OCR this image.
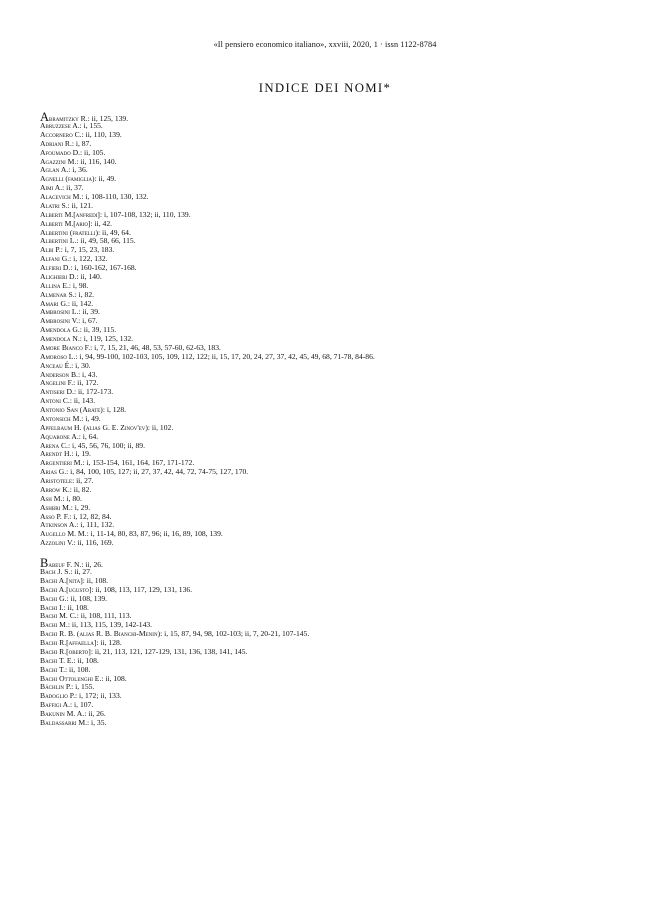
«Il pensiero economico italiano», xxviii, 2020, 1 · issn 1122-8784
INDICE DEI NOMI*
Abramitzky R.: ii, 125, 139.
Abruzzese A.: i, 155.
Accornero C.: ii, 110, 139.
Adriani R.: i, 87.
Afoumado D.: ii, 105.
Agazzini M.: ii, 116, 140.
Aglan A.: i, 36.
Agnelli (famiglia): ii, 49.
Aimi A.: ii, 37.
Alacevich M.: i, 108-110, 130, 132.
Alatri S.: ii, 121.
Alberti M.[anfredi]: i, 107-108, 132; ii, 110, 139.
Alberti M.[ario]: ii, 42.
Albertini (fratelli): ii, 49, 64.
Albertini L.: ii, 49, 58, 66, 115.
Albi P.: i, 7, 15, 23, 183.
Alfani G.: i, 122, 132.
Alfieri D.: i, 160-162, 167-168.
Alighieri D.: ii, 140.
Allina E.: i, 98.
Almenar S.: i, 82.
Amari G.: ii, 142.
Ambrosini L.: ii, 39.
Ambrosini V.: i, 67.
Amendola G.: ii, 39, 115.
Amendola N.: i, 119, 125, 132.
Amore Bianco F.: i, 7, 15, 21, 46, 48, 53, 57-60, 62-63, 183.
Amoroso L.: i, 94, 99-100, 102-103, 105, 109, 112, 122; ii, 15, 17, 20, 24, 27, 37, 42, 45, 49, 68, 71-78, 84-86.
Anceau É.: i, 30.
Anderson B.: i, 43.
Angelini F.: ii, 172.
Antiseri D.: ii, 172-173.
Antoni C.: ii, 143.
Antonio San (Abate): i, 128.
Antonsich M.: i, 49.
Apfelbaum H. (alias G. E. Zinov'ev): ii, 102.
Aquarone A.: i, 64.
Arena C.: i, 45, 56, 76, 100; ii, 89.
Arendt H.: i, 19.
Argentieri M.: i, 153-154, 161, 164, 167, 171-172.
Arias G.: i, 84, 100, 105, 127; ii, 27, 37, 42, 44, 72, 74-75, 127, 170.
Aristotele: ii, 27.
Arrow K.: ii, 82.
Ash M.: i, 80.
Ashbri M.: i, 29.
Asso P. F.: i, 12, 82, 84.
Atkinson A.: i, 111, 132.
Augello M. M.: i, 11-14, 80, 83, 87, 96; ii, 16, 89, 108, 139.
Azzolini V.: ii, 116, 169.
Babeuf F. N.: ii, 26.
Bach J. S.: ii, 27.
Bachi A.[nita]: ii, 108.
Bachi A.[ugusto]: ii, 108, 113, 117, 129, 131, 136.
Bachi G.: ii, 108, 139.
Bachi I.: ii, 108.
Bachi M. C.: ii, 108, 111, 113.
Bachi M.: ii, 113, 115, 139, 142-143.
Bachi R. B. (alias R. B. Bianchi-Menin): i, 15, 87, 94, 98, 102-103; ii, 7, 20-21, 107-145.
Bachi R.[affaella]: ii, 128.
Bachi R.[oberto]: ii, 21, 113, 121, 127-129, 131, 136, 138, 141, 145.
Bachi T. E.: ii, 108.
Bachi T.: ii, 108.
Bachi Ottolenghi E.: ii, 108.
Bächlin P.: i, 155.
Badoglio P.: i, 172; ii, 133.
Baffigi A.: i, 107.
Bakunin M. A.: ii, 26.
Baldassarri M.: i, 35.
